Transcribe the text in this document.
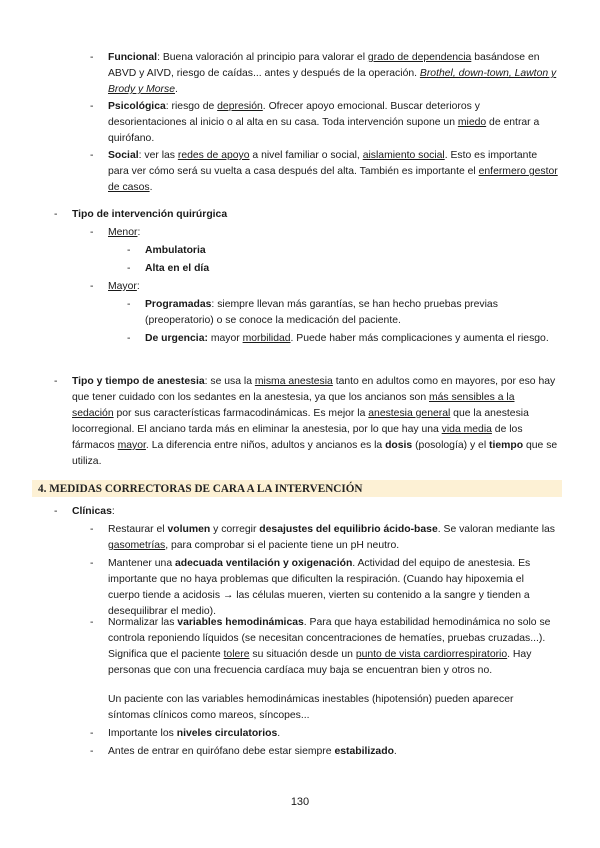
- Funcional: Buena valoración al principio para valorar el grado de dependencia basándose en ABVD y AIVD, riesgo de caídas... antes y después de la operación. Brothel, down-town, Lawton y Brody y Morse.
- Psicológica: riesgo de depresión. Ofrecer apoyo emocional. Buscar deterioros y desorientaciones al inicio o al alta en su casa. Toda intervención supone un miedo de entrar a quirófano.
- Social: ver las redes de apoyo a nivel familiar o social, aislamiento social. Esto es importante para ver cómo será su vuelta a casa después del alta. También es importante el enfermero gestor de casos.
- Tipo de intervención quirúrgica
- Menor:
- Ambulatoria
- Alta en el día
- Mayor:
- Programadas: siempre llevan más garantías, se han hecho pruebas previas (preoperatorio) o se conoce la medicación del paciente.
- De urgencia: mayor morbilidad. Puede haber más complicaciones y aumenta el riesgo.
- Tipo y tiempo de anestesia: se usa la misma anestesia tanto en adultos como en mayores, por eso hay que tener cuidado con los sedantes en la anestesia, ya que los ancianos son más sensibles a la sedación por sus características farmacodinámicas. Es mejor la anestesia general que la anestesia locorregional. El anciano tarda más en eliminar la anestesia, por lo que hay una vida media de los fármacos mayor. La diferencia entre niños, adultos y ancianos es la dosis (posología) y el tiempo que se utiliza.
4. MEDIDAS CORRECTORAS DE CARA A LA INTERVENCIÓN
- Clínicas:
- Restaurar el volumen y corregir desajustes del equilibrio ácido-base. Se valoran mediante las gasometrías, para comprobar si el paciente tiene un pH neutro.
- Mantener una adecuada ventilación y oxigenación. Actividad del equipo de anestesia. Es importante que no haya problemas que dificulten la respiración. (Cuando hay hipoxemia el cuerpo tiende a acidosis → las células mueren, vierten su contenido a la sangre y tienden a desequilibrar el medio).
- Normalizar las variables hemodinámicas. Para que haya estabilidad hemodinámica no solo se controla reponiendo líquidos (se necesitan concentraciones de hematíes, pruebas cruzadas...). Significa que el paciente tolere su situación desde un punto de vista cardiorrespiratorio. Hay personas que con una frecuencia cardíaca muy baja se encuentran bien y otros no.
Un paciente con las variables hemodinámicas inestables (hipotensión) pueden aparecer síntomas clínicos como mareos, síncopes...
- Importante los niveles circulatorios.
- Antes de entrar en quirófano debe estar siempre estabilizado.
130
